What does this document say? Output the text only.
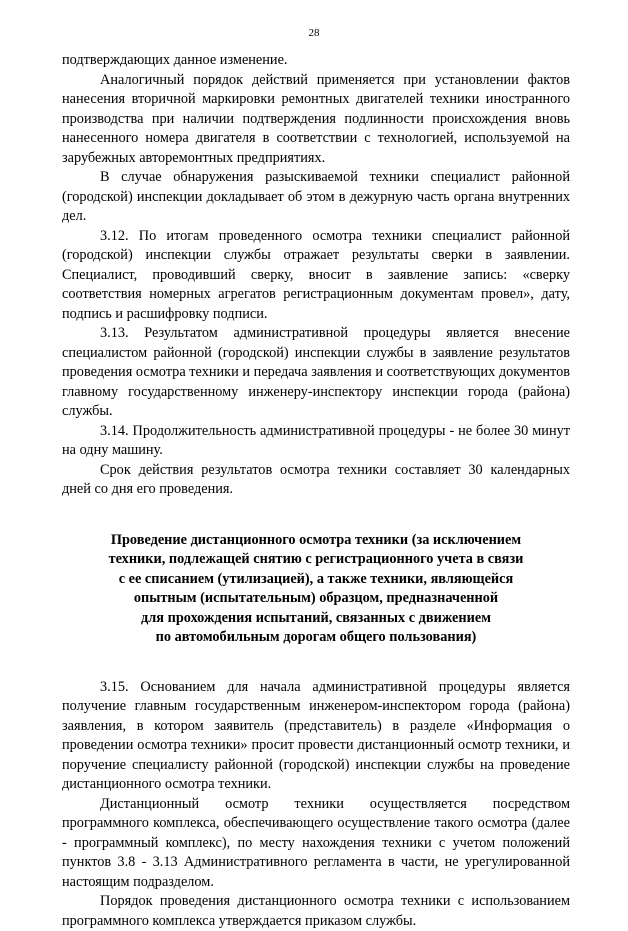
28

подтверждающих данное изменение.

Аналогичный порядок действий применяется при установлении фактов нанесения вторичной маркировки ремонтных двигателей техники иностранного производства при наличии подтверждения подлинности происхождения вновь нанесенного номера двигателя в соответствии с технологией, используемой на зарубежных авторемонтных предприятиях.

В случае обнаружения разыскиваемой техники специалист районной (городской) инспекции докладывает об этом в дежурную часть органа внутренних дел.

3.12. По итогам проведенного осмотра техники специалист районной (городской) инспекции службы отражает результаты сверки в заявлении. Специалист, проводивший сверку, вносит в заявление запись: «сверку соответствия номерных агрегатов регистрационным документам провел», дату, подпись и расшифровку подписи.

3.13. Результатом административной процедуры является внесение специалистом районной (городской) инспекции службы в заявление результатов проведения осмотра техники и передача заявления и соответствующих документов главному государственному инженеру-инспектору инспекции города (района) службы.

3.14. Продолжительность административной процедуры - не более 30 минут на одну машину.

Срок действия результатов осмотра техники составляет 30 календарных дней со дня его проведения.

Проведение дистанционного осмотра техники (за исключением
техники, подлежащей снятию с регистрационного учета в связи
с ее списанием (утилизацией), а также техники, являющейся
опытным (испытательным) образцом, предназначенной
для прохождения испытаний, связанных с движением
по автомобильным дорогам общего пользования)

3.15. Основанием для начала административной процедуры является получение главным государственным инженером-инспектором города (района) заявления, в котором заявитель (представитель) в разделе «Информация о проведении осмотра техники» просит провести дистанционный осмотр техники, и поручение специалисту районной (городской) инспекции службы на проведение дистанционного осмотра техники.

Дистанционный осмотр техники осуществляется посредством программного комплекса, обеспечивающего осуществление такого осмотра (далее - программный комплекс), по месту нахождения техники с учетом положений пунктов 3.8 - 3.13 Административного регламента в части, не урегулированной настоящим подразделом.

Порядок проведения дистанционного осмотра техники с использованием программного комплекса утверждается приказом службы.
